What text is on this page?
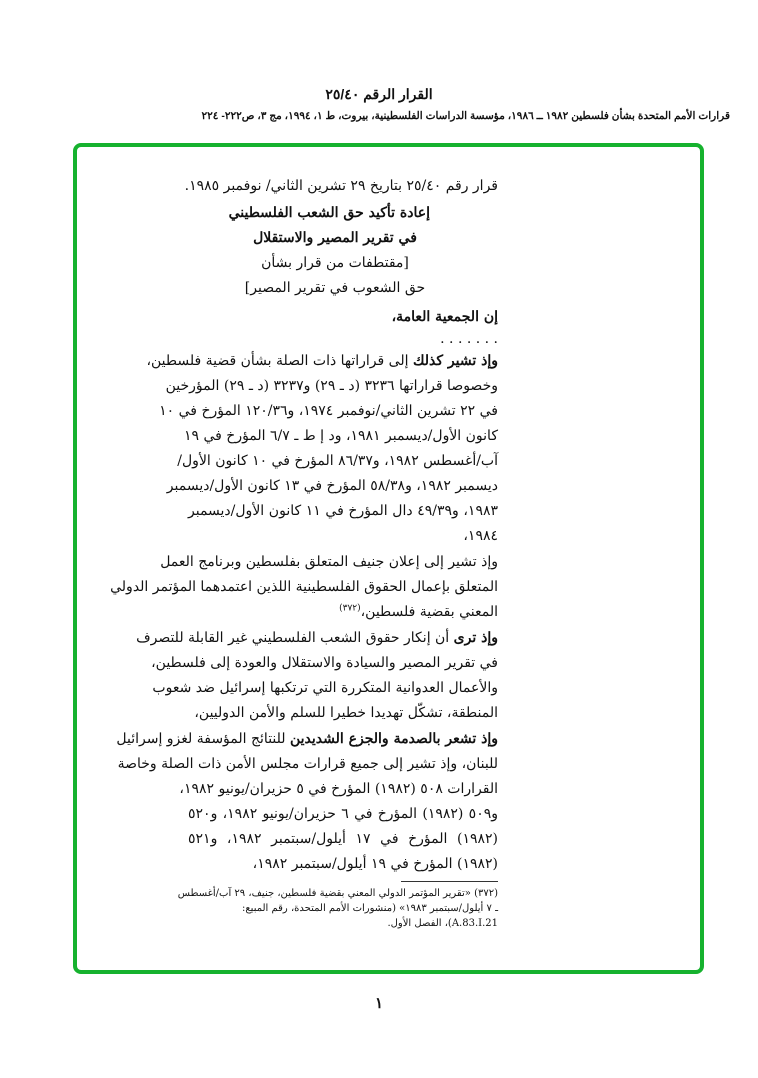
القرار الرقم ٢٥/٤٠
قرارات الأمم المتحدة بشأن فلسطين ١٩٨٢ ــ ١٩٨٦، مؤسسة الدراسات الفلسطينية، بيروت، ط ١، ١٩٩٤، مج ٣، ص٢٢٢- ٢٢٤
قرار رقم ٢٥/٤٠ بتاريخ ٢٩ تشرين الثاني/ نوفمبر ١٩٨٥.
إعادة تأكيد حق الشعب الفلسطيني
في تقرير المصير والاستقلال
[مقتطفات من قرار بشأن
حق الشعوب في تقرير المصير]
إن الجمعية العامة،
. . . . . . .
وإذ تشير كذلك إلى قراراتها ذات الصلة بشأن قضية فلسطين،
وخصوصا قراراتها ٣٢٣٦ (د ـ ٢٩) و٣٢٣٧ (د ـ ٢٩) المؤرخين
في ٢٢ تشرين الثاني/نوفمبر ١٩٧٤، و١٢٠/٣٦ المؤرخ في ١٠
كانون الأول/ديسمبر ١٩٨١، ود إ ط ـ ٦/٧ المؤرخ في ١٩
آب/أغسطس ١٩٨٢، و٨٦/٣٧ المؤرخ في ١٠ كانون الأول/
ديسمبر ١٩٨٢، و٥٨/٣٨ المؤرخ في ١٣ كانون الأول/ديسمبر
١٩٨٣، و٤٩/٣٩ دال المؤرخ في ١١ كانون الأول/ديسمبر
١٩٨٤،
وإذ تشير إلى إعلان جنيف المتعلق بفلسطين وبرنامج العمل
المتعلق بإعمال الحقوق الفلسطينية اللذين اعتمدهما المؤتمر الدولي
المعني بقضية فلسطين،$^{(٣٧٢)}$
وإذ ترى أن إنكار حقوق الشعب الفلسطيني غير القابلة للتصرف
في تقرير المصير والسيادة والاستقلال والعودة إلى فلسطين،
والأعمال العدوانية المتكررة التي ترتكبها إسرائيل ضد شعوب
المنطقة، تشكّل تهديدا خطيرا للسلم والأمن الدوليين،
وإذ تشعر بالصدمة والجزع الشديدين للنتائج المؤسفة لغزو إسرائيل
للبنان، وإذ تشير إلى جميع قرارات مجلس الأمن ذات الصلة وخاصة
القرارات ٥٠٨ (١٩٨٢) المؤرخ في ٥ حزيران/يونيو ١٩٨٢،
و٥٠٩ (١٩٨٢) المؤرخ في ٦ حزيران/يونيو ١٩٨٢، و٥٢٠
(١٩٨٢) المؤرخ في ١٧ أيلول/سبتمبر ١٩٨٢، و٥٢١
(١٩٨٢) المؤرخ في ١٩ أيلول/سبتمبر ١٩٨٢،
(٣٧٢) «تقرير المؤتمر الدولي المعني بقضية فلسطين، جنيف، ٢٩ آب/أغسطس
ـ ٧ أيلول/سبتمبر ١٩٨٣» (منشورات الأمم المتحدة، رقم المبيع:
A.83.I.21)، الفصل الأول.
١
